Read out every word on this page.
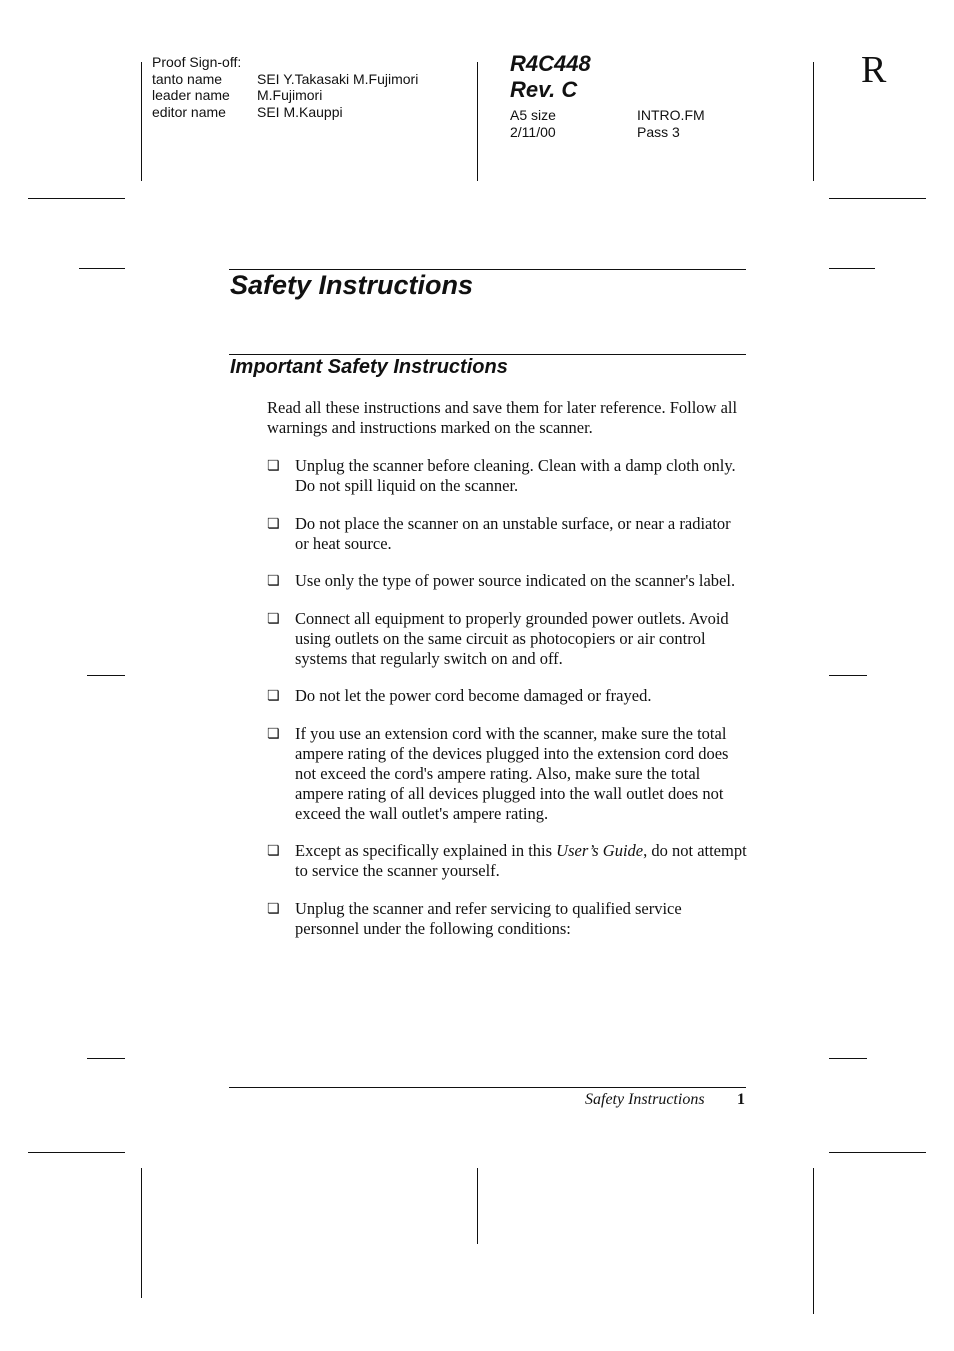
Proof Sign-off:
tanto name	SEI Y.Takasaki M.Fujimori
leader name	M.Fujimori
editor name	SEI M.Kauppi
R4C448
Rev. C
A5 size	INTRO.FM
2/11/00	Pass 3
R
Safety Instructions
Important Safety Instructions
Read all these instructions and save them for later reference. Follow all warnings and instructions marked on the scanner.
❏ Unplug the scanner before cleaning. Clean with a damp cloth only. Do not spill liquid on the scanner.
❏ Do not place the scanner on an unstable surface, or near a radiator or heat source.
❏ Use only the type of power source indicated on the scanner's label.
❏ Connect all equipment to properly grounded power outlets. Avoid using outlets on the same circuit as photocopiers or air control systems that regularly switch on and off.
❏ Do not let the power cord become damaged or frayed.
❏ If you use an extension cord with the scanner, make sure the total ampere rating of the devices plugged into the extension cord does not exceed the cord's ampere rating. Also, make sure the total ampere rating of all devices plugged into the wall outlet does not exceed the wall outlet's ampere rating.
❏ Except as specifically explained in this User’s Guide, do not attempt to service the scanner yourself.
❏ Unplug the scanner and refer servicing to qualified service personnel under the following conditions:
Safety Instructions 1
